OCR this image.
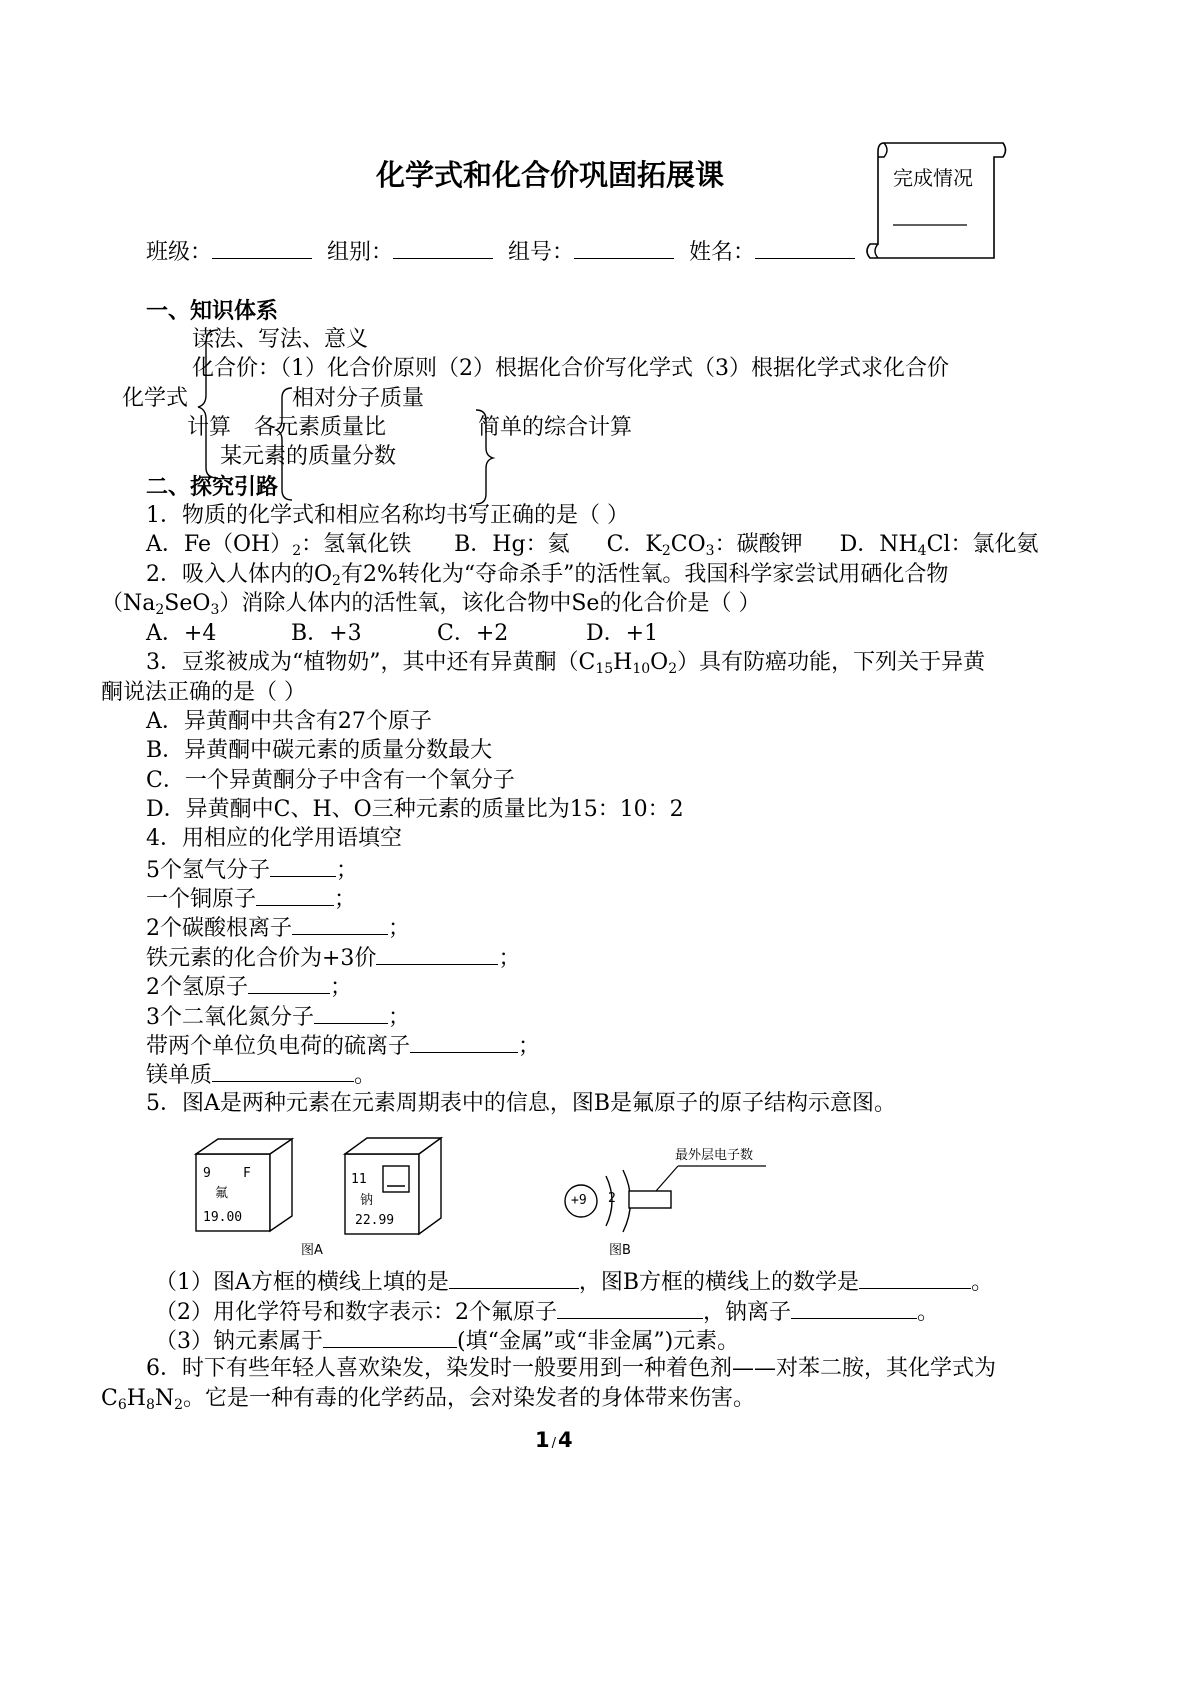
化学式和化合价巩固拓展课	完成情况
班级：	组别：	组号：	姓名：
一、知识体系
读法、写法、意义
化合价：（1）化合价原则（2）根据化合价写化学式（3）根据化学式求化合价
化学式	相对分子质量
计算 各元素质量比	简单的综合计算
某元素的质量分数
二、探究引路
1．物质的化学式和相应名称均书写正确的是（ ）
A．$Fe(OH)_2$：氢氧化铁 B．Hg：氦 C．$K_2CO_3$：碳酸钾 D．$NH_4Cl$：氯化氨
2．吸入人体内的$O_2$有2%转化为“夺命杀手”的活性氧。我国科学家尝试用硒化合物
$(Na_2SeO_3)$消除人体内的活性氧，该化合物中Se的化合价是（ ）
A．+4	B．+3	C．+2	D．+1
3．豆浆被成为“植物奶”，其中还有异黄酮$(C_{15}H_{10}O_2)$具有防癌功能，下列关于异黄
酮说法正确的是（ ）
A．异黄酮中共含有27个原子
B．异黄酮中碳元素的质量分数最大
C．一个异黄酮分子中含有一个氧分子
D．异黄酮中C、H、O三种元素的质量比为15：10：2
4．用相应的化学用语填空
5个氢气分子	；
一个铜原子	；
2个碳酸根离子	；
铁元素的化合价为+3价	；
2个氢原子	；
3个二氧化氮分子	；
带两个单位负电荷的硫离子	；
镁单质	。
5．图A是两种元素在元素周期表中的信息，图B是氟原子的原子结构示意图。
9 F
氟
19.00
11
钠
22.99
图A	图B
+9 2
最外层电子数
（1）图A方框的横线上填的是	，图B方框的横线上的数学是	。
（2）用化学符号和数字表示：2个氟原子	，钠离子	。
（3）钠元素属于	(填“金属”或“非金属”)元素。
6．时下有些年轻人喜欢染发，染发时一般要用到一种着色剂——对苯二胺，其化学式为
$C_6H_8N_2$。它是一种有毒的化学药品，会对染发者的身体带来伤害。
1 /4
